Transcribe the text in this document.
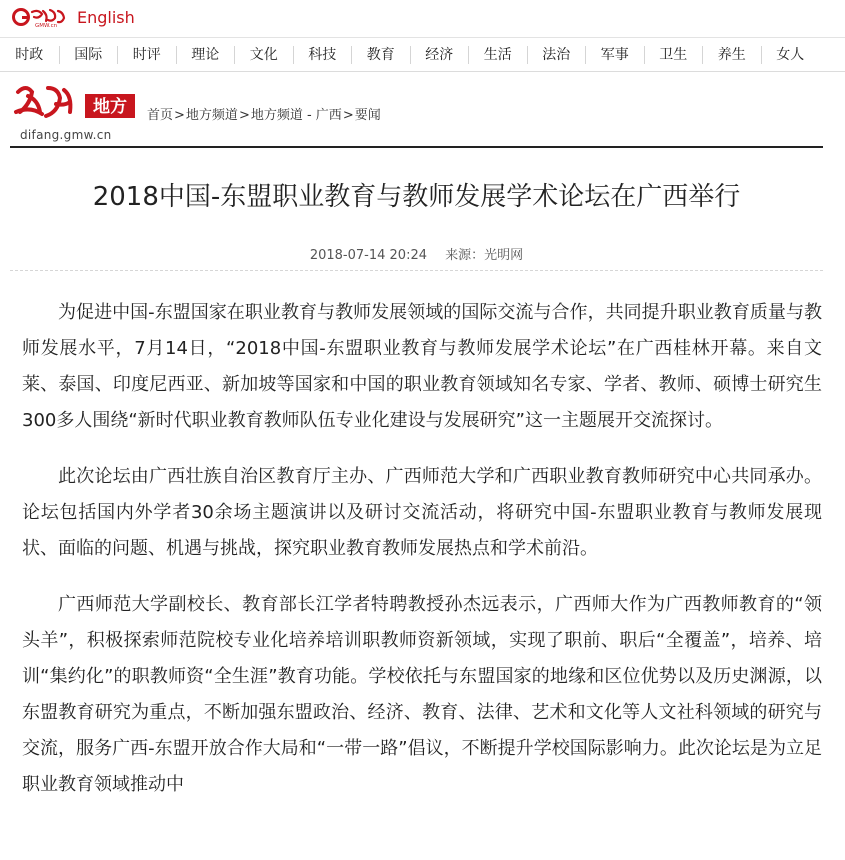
GMW.cn English
时政	国际	时评	理论	文化	科技	教育	经济	生活	法治	军事	卫生	养生	女人
地方
difang.gmw.cn
首页>地方频道>地方频道 - 广西>要闻
2018中国-东盟职业教育与教师发展学术论坛在广西举行
2018-07-14 20:24 来源：光明网

为促进中国-东盟国家在职业教育与教师发展领域的国际交流与合作，共同提升职业教育质量与教师发展水平，7月14日，“2018中国-东盟职业教育与教师发展学术论坛”在广西桂林开幕。来自文莱、泰国、印度尼西亚、新加坡等国家和中国的职业教育领域知名专家、学者、教师、硕博士研究生300多人围绕“新时代职业教育教师队伍专业化建设与发展研究”这一主题展开交流探讨。

此次论坛由广西壮族自治区教育厅主办、广西师范大学和广西职业教育教师研究中心共同承办。论坛包括国内外学者30余场主题演讲以及研讨交流活动，将研究中国-东盟职业教育与教师发展现状、面临的问题、机遇与挑战，探究职业教育教师发展热点和学术前沿。

广西师范大学副校长、教育部长江学者特聘教授孙杰远表示，广西师大作为广西教师教育的“领头羊”，积极探索师范院校专业化培养培训职教师资新领域，实现了职前、职后“全覆盖”，培养、培训“集约化”的职教师资“全生涯”教育功能。学校依托与东盟国家的地缘和区位优势以及历史渊源，以东盟教育研究为重点，不断加强东盟政治、经济、教育、法律、艺术和文化等人文社科领域的研究与交流，服务广西-东盟开放合作大局和“一带一路”倡议，不断提升学校国际影响力。此次论坛是为立足职业教育领域推动中
